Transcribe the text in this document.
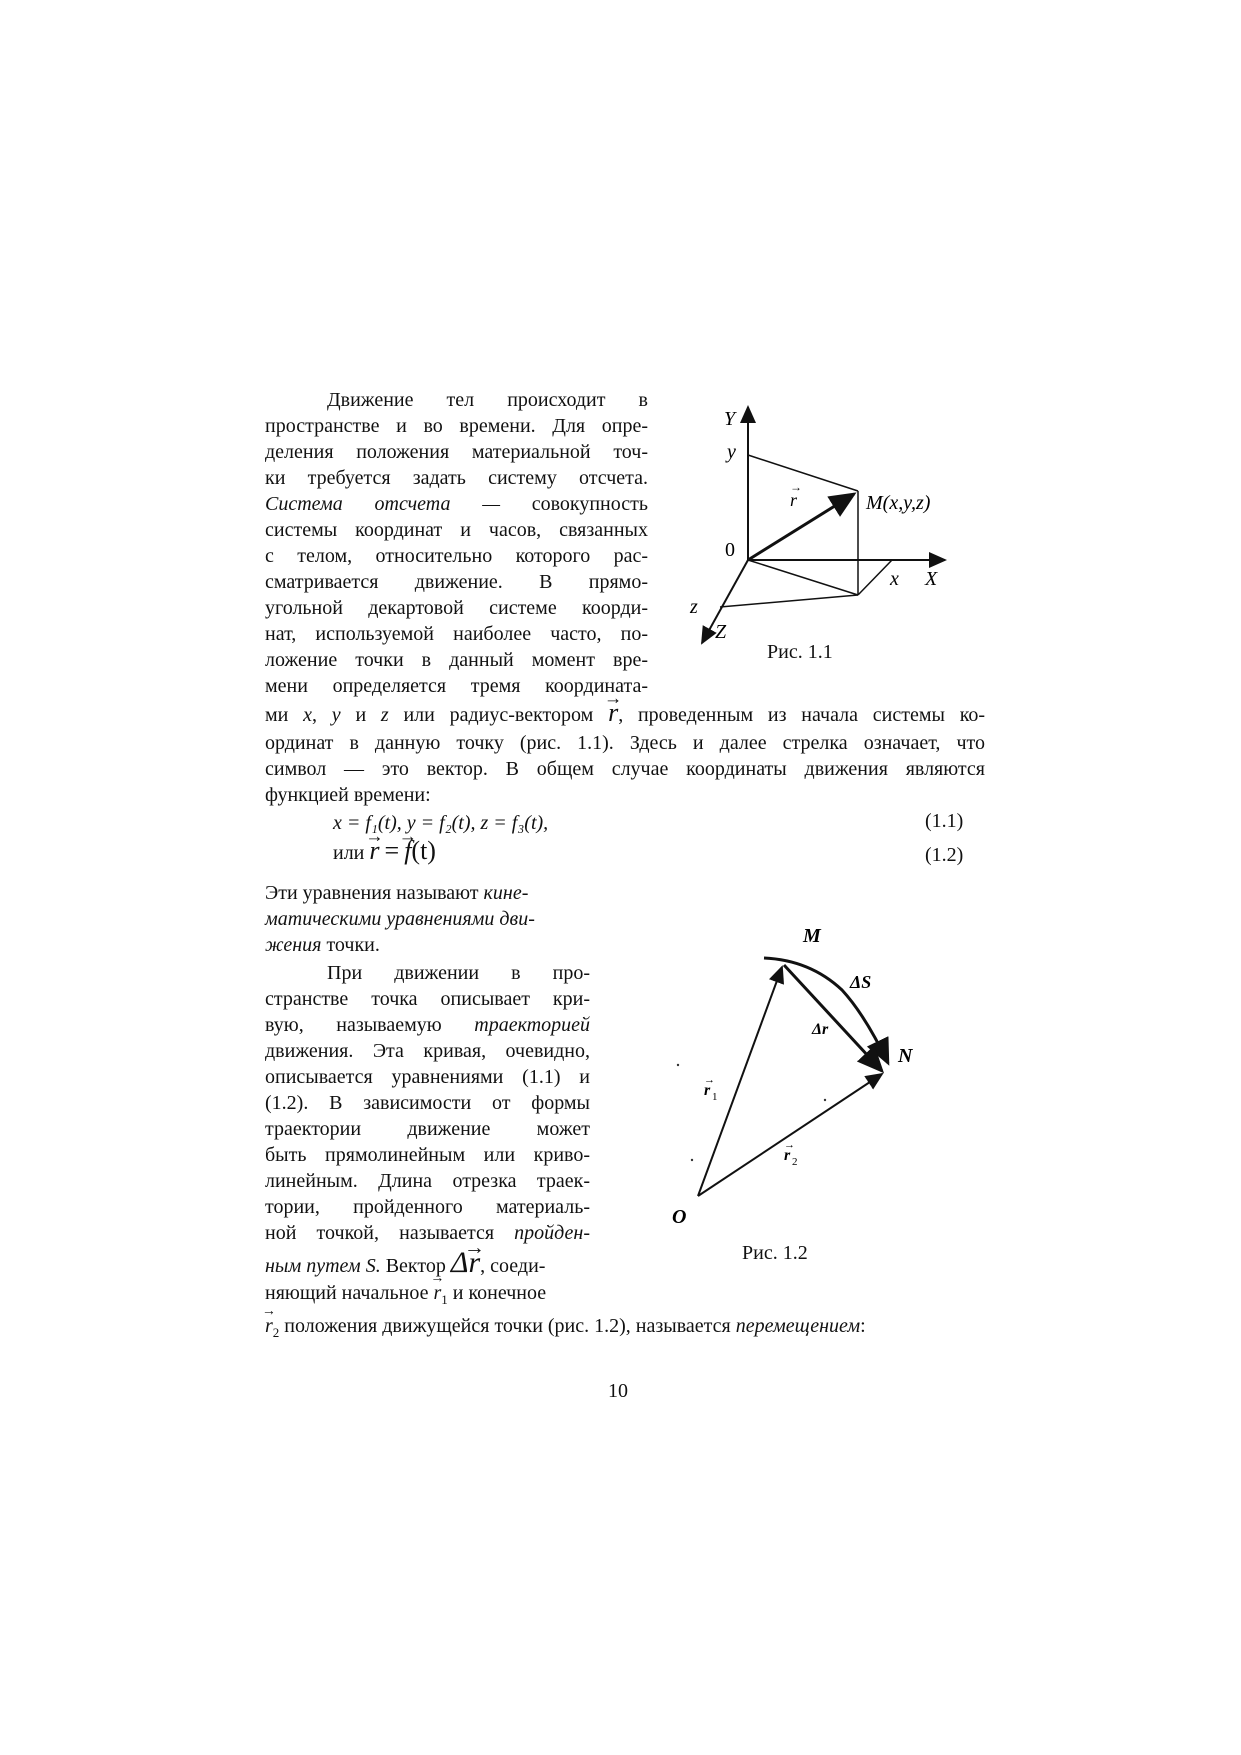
Движение тел происходит в

пространстве и во времени. Для опре-

деления положения материальной точ-

ки требуется задать систему отсчета.

Система отсчета — совокупность

системы координат и часов, связанных

с телом, относительно которого рас-

сматривается движение. В прямо-

угольной декартовой системе коорди-

нат, используемой наиболее часто, по-

ложение точки в данный момент вре-

мени определяется тремя координата-

ми x, y и z или радиус-вектором → r, проведенным из начала системы ко-

ординат в данную точку (рис. 1.1). Здесь и далее стрелка означает, что

символ — это вектор. В общем случае координаты движения являются

функцией времени:

x = f₁(t), y = f₂(t), z = f₃(t),	(1.1)

или → r = → f(t)	(1.2)

Эти уравнения называют кине-

матическими уравнениями дви-

жения точки.

При движении в про-

странстве точка описывает кри-

вую, называемую траекторией

движения. Эта кривая, очевидно,

описывается уравнениями (1.1) и

(1.2). В зависимости от формы

траектории движение может

быть прямолинейным или криво-

линейным. Длина отрезка траек-

тории, пройденного материаль-

ной точкой, называется пройден-

ным путем S. Вектор Δ→ r, соеди-

няющий начальное → $r_1$ и конечное

→ $r_2$ положения движущейся точки (рис. 1.2), называется перемещением:

10
Y
y
r
→
M(x,y,z)
0
x X
z
Z
Рис. 1.1
M
ΔS
Δr
N
r 1
→
r 2
→
O
Рис. 1.2
